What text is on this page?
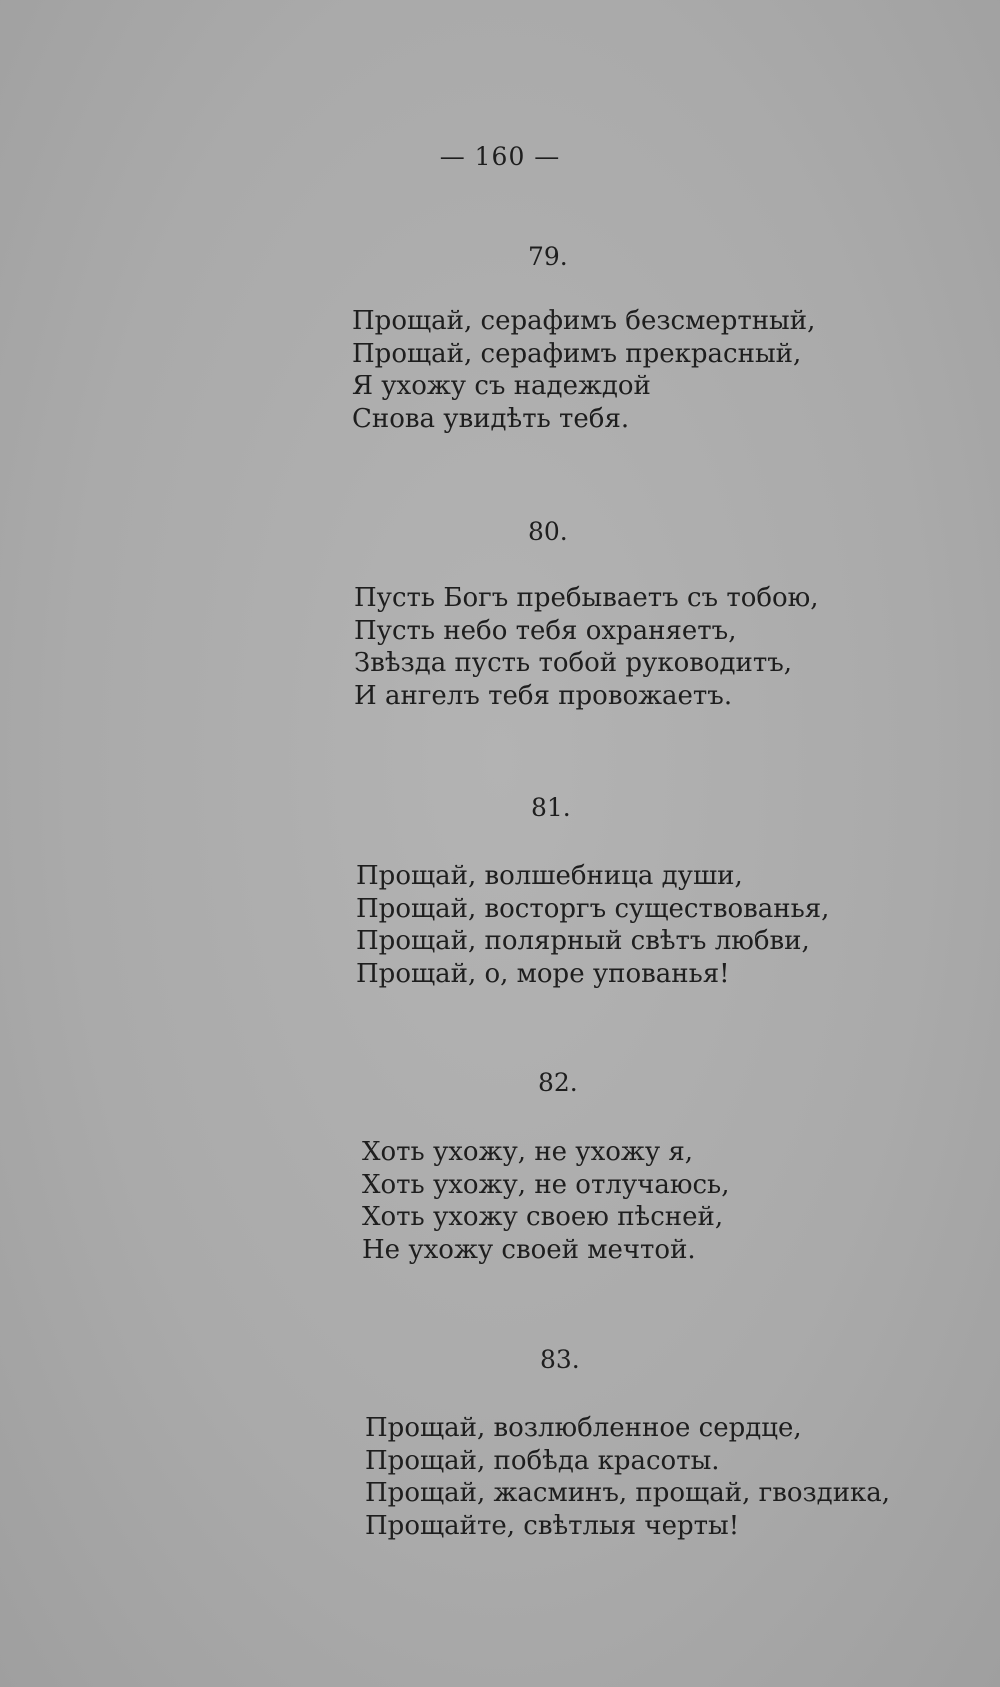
— 160 —
79.
Прощай, серафимъ безсмертный,
Прощай, серафимъ прекрасный,
Я ухожу съ надеждой
Снова увидѣть тебя.
80.
Пусть Богъ пребываетъ съ тобою,
Пусть небо тебя охраняетъ,
Звѣзда пусть тобой руководитъ,
И ангелъ тебя провожаетъ.
81.
Прощай, волшебница души,
Прощай, восторгъ существованья,
Прощай, полярный свѣтъ любви,
Прощай, о, море упованья!
82.
Хоть ухожу, не ухожу я,
Хоть ухожу, не отлучаюсь,
Хоть ухожу своею пѣсней,
Не ухожу своей мечтой.
83.
Прощай, возлюбленное сердце,
Прощай, побѣда красоты.
Прощай, жасминъ, прощай, гвоздика,
Прощайте, свѣтлыя черты!
